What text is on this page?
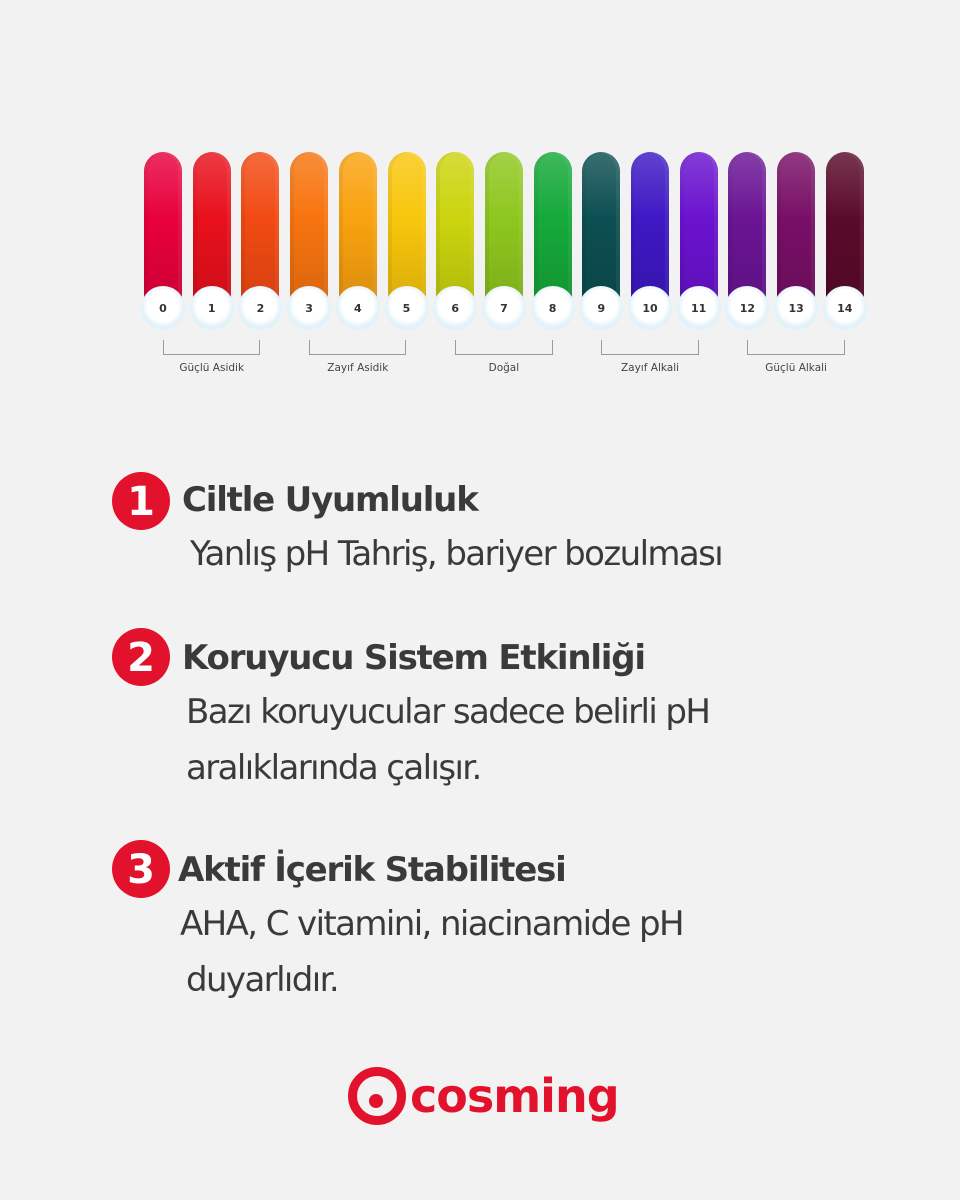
0	1	2	3	4	5	6	7	8	9	10	11	12	13	14
Güçlü Asidik	Zayıf Asidik	Doğal	Zayıf Alkali	Güçlü Alkali
1 Ciltle Uyumluluk
Yanlış pH Tahriş, bariyer bozulması
2 Koruyucu Sistem Etkinliği
Bazı koruyucular sadece belirli pH
aralıklarında çalışır.
3 Aktif İçerik Stabilitesi
AHA, C vitamini, niacinamide pH
duyarlıdır.
cosming
